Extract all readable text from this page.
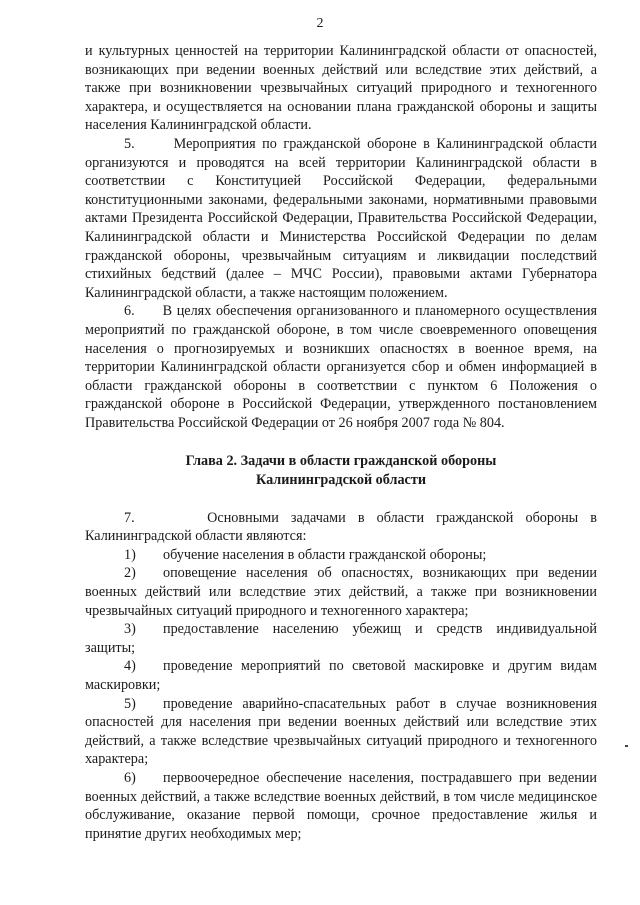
2

и культурных ценностей на территории Калининградской области от опасностей, возникающих при ведении военных действий или вследствие этих действий, а также при возникновении чрезвычайных ситуаций природного и техногенного характера, и осуществляется на основании плана гражданской обороны и защиты населения Калининградской области.

5.      Мероприятия по гражданской обороне в Калининградской области организуются и проводятся на всей территории Калининградской области в соответствии с Конституцией Российской Федерации, федеральными конституционными законами, федеральными законами, нормативными правовыми актами Президента Российской Федерации, Правительства Российской Федерации, Калининградской области и Министерства Российской Федерации по делам гражданской обороны, чрезвычайным ситуациям и ликвидации последствий стихийных бедствий (далее – МЧС России), правовыми актами Губернатора Калининградской области, а также настоящим положением.

6.      В целях обеспечения организованного и планомерного осуществления мероприятий по гражданской обороне, в том числе своевременного оповещения населения о прогнозируемых и возникших опасностях в военное время, на территории Калининградской области организуется сбор и обмен информацией в области гражданской обороны в соответствии с пунктом 6 Положения о гражданской обороне в Российской Федерации, утвержденного постановлением Правительства Российской Федерации от 26 ноября 2007 года № 804.

Глава 2. Задачи в области гражданской обороны
Калининградской области

7.      Основными задачами в области гражданской обороны в Калининградской области являются:

1) обучение населения в области гражданской обороны;

2) оповещение населения об опасностях, возникающих при ведении военных действий или вследствие этих действий, а также при возникновении чрезвычайных ситуаций природного и техногенного характера;

3) предоставление населению убежищ и средств индивидуальной защиты;

4) проведение мероприятий по световой маскировке и другим видам маскировки;

5) проведение аварийно-спасательных работ в случае возникновения опасностей для населения при ведении военных действий или вследствие этих действий, а также вследствие чрезвычайных ситуаций природного и техногенного характера;

6) первоочередное обеспечение населения, пострадавшего при ведении военных действий, а также вследствие военных действий, в том числе медицинское обслуживание, оказание первой помощи, срочное предоставление жилья и принятие других необходимых мер;
